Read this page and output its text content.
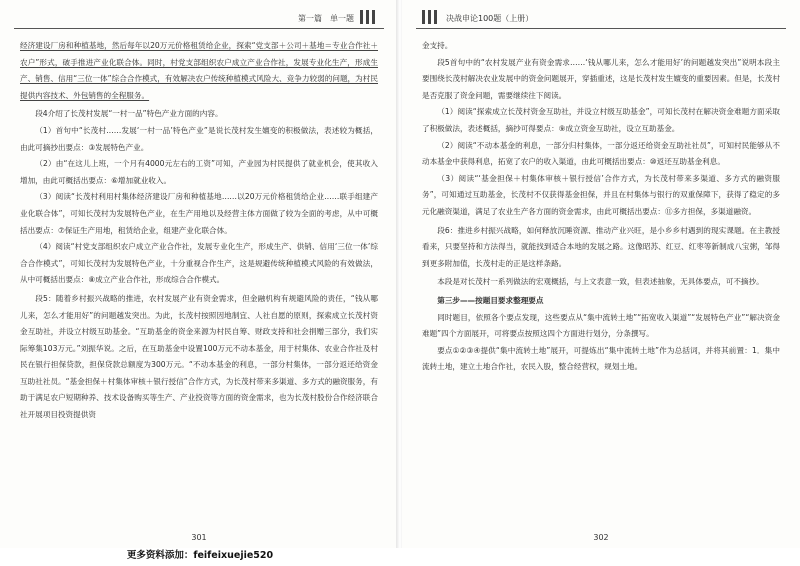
第一篇　单一题

经济建设厂房和种植基地，然后每年以20万元价格租赁给企业，探索“党支部＋公司＋基地＝专业合作社＋农户”形式，破手推进产业化联合体。同时，村党支部组织农户成立产业合作社，发展专业化生产，形成生产、销售、信用“三位一体”综合合作模式，有效解决农户传统种植模式风险大、竞争力较弱的问题，为村民提供内容技术、外包销售的全程服务。

段4介绍了长茂村发展“一村一品”特色产业方面的内容。

（1）首句中“长茂村……发展‘一村一品’特色产业”是说长茂村发生嬗变的积极做法，表述较为概括，由此可摘抄出要点：③发展特色产业。

（2）由“在这儿上班，一个月有4000元左右的工资”可知，产业园为村民提供了就业机会，使其收入增加，由此可概括出要点：⑥增加就业收入。

（3）阅读“长茂村利用村集体经济建设厂房和种植基地……以20万元价格租赁给企业……联手组建产业化联合体”，可知长茂村为发展特色产业，在生产用地以及经营主体方面做了较为全面的考虑，从中可概括出要点：⑦保证生产用地，租赁给企业，组建产业化联合体。

（4）阅读“村党支部组织农户成立产业合作社，发展专业化生产，形成生产、供销、信用‘三位一体’综合合作模式”，可知长茂村为发展特色产业，十分重视合作生产，这是规避传统种植模式风险的有效做法，从中可概括出要点：⑧成立产业合作社，形成综合合作模式。

段5：随着乡村振兴战略的推进，农村发展产业有资金需求，但金融机构有规避风险的责任，“钱从哪儿来，怎么才能用好”的问题越发突出。为此，长茂村按照因地制宜、人社自愿的原则，探索成立长茂村资金互助社，并设立村级互助基金。“互助基金的资金来源为村民自筹、财政支持和社会捐赠三部分，我们实际筹集103万元。”刘振华说。之后，在互助基金中设置100万元不动本基金，用于村集体、农业合作社及村民在银行担保贷款，担保贷款总额度为300万元。“不动本基金的利息，一部分村集体，一部分返还给资金互助社社员。“基金担保＋村集体审核＋银行授信”合作方式，为长茂村带来多渠道、多方式的融资服务，有助于满足农户短期种养、技术设备购买等生产、产业投资等方面的资金需求，也为长茂村股份合作经济联合社开展项目投资提供资

301
决战申论100题（上册）

金支持。

段5首句中的“农村发展产业有资金需求……‘钱从哪儿来，怎么才能用好’的问题越发突出”说明本段主要围绕长茂村解决农业发展中的资金问题展开，穿插重述，这是长茂村发生嬗变的重要因素。但是，长茂村是否克服了资金问题，需要继续往下阅读。

（1）阅读“探索成立长茂村资金互助社，并设立村级互助基金”，可知长茂村在解决资金难题方面采取了积极做法，表述概括，摘抄可得要点：⑨成立资金互助社，设立互助基金。

（2）阅读“不动本基金的利息，一部分归村集体，一部分返还给资金互助社社员”，可知村民能够从不动本基金中获得利息，拓宽了农户的收入渠道，由此可概括出要点：⑩返还互助基金利息。

（3）阅读“‘基金担保＋村集体审核＋银行授信’合作方式，为长茂村带来多渠道、多方式的融资服务”，可知通过互助基金，长茂村不仅获得基金担保，并且在村集体与银行的双重保障下，获得了稳定的多元化融资渠道，满足了农业生产各方面的资金需求，由此可概括出要点：⑪多方担保，多渠道融资。

段6：推进乡村振兴战略，如何释放沉睡资源、推动产业兴旺，是小乡乡村遇到的现实课题。在主教授看来，只要坚持和方法得当，就能找到适合本地的发展之路。这像昭苏、红豆、红枣等新制成八宝粥，邹得到更多附加值，长茂村走的正是这样条路。

本段是对长茂村一系列做法的宏观概括，与上文表意一致，但表述抽象，无具体要点，可不摘抄。

第三步——按题目要求整理要点

同时题目，依照各个要点发现，这些要点从“集中流转土地”“拓宽收入渠道”“发展特色产业”“解决资金难题”四个方面展开，可将要点按照这四个方面进行划分，分条撰写。

要点①②③④提供“集中流转土地”展开，可提炼出“集中流转土地”作为总括词，并将其前置：1．集中流转土地，建立土地合作社，农民入股，整合经营权，规划土地。

302
更多资料添加：feifeixuejie520
